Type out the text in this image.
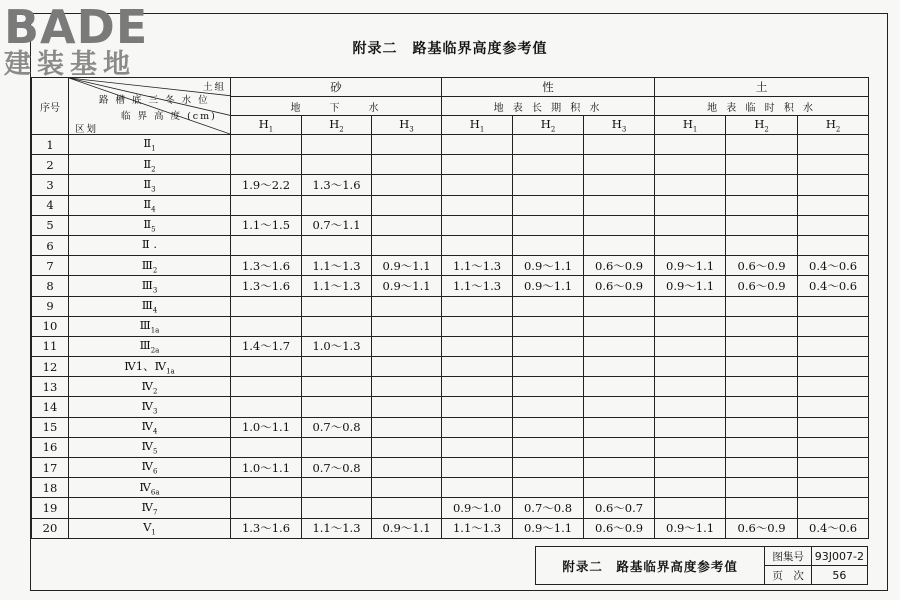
BADE
建装基地	附录二　路基临界高度参考值
序号	土组
路 槽 底 三 冬 水 位
临 界 高 度 (cm)
区划	砂			性			土		
		地　　下　　水			地 表 长 期 积 水			地 表 临 时 积 水		
		$H_1$	$H_2$	$H_3$	$H_1$	$H_2$	$H_3$	$H_1$	$H_2$	$H_2$
1	$Ⅱ_1$									
2	$Ⅱ_2$									
3	$Ⅱ_3$	1.9～2.2	1.3～1.6							
4	$Ⅱ_4$									
5	$Ⅱ_5$	1.1～1.5	0.7～1.1							
6	Ⅱ .									
7	$Ⅲ_2$	1.3～1.6	1.1～1.3	0.9～1.1	1.1～1.3	0.9～1.1	0.6～0.9	0.9～1.1	0.6～0.9	0.4～0.6
8	$Ⅲ_3$	1.3～1.6	1.1～1.3	0.9～1.1	1.1～1.3	0.9～1.1	0.6～0.9	0.9～1.1	0.6～0.9	0.4～0.6
9	$Ⅲ_4$									
10	$Ⅲ_{1a}$									
11	$Ⅲ_{2a}$	1.4～1.7	1.0～1.3							
12	Ⅳ1、$Ⅳ_{1a}$									
13	$Ⅳ_2$									
14	$Ⅳ_3$									
15	$Ⅳ_4$	1.0～1.1	0.7～0.8							
16	$Ⅳ_5$									
17	$Ⅳ_6$	1.0～1.1	0.7～0.8							
18	$Ⅳ_{6a}$									
19	$Ⅳ_7$				0.9～1.0	0.7～0.8	0.6～0.7			
20	$Ⅴ_1$	1.3～1.6	1.1～1.3	0.9～1.1	1.1～1.3	0.9～1.1	0.6～0.9	0.9～1.1	0.6～0.9	0.4～0.6
附录二　路基临界高度参考值	图集号	93J007-2
	页　次	56
